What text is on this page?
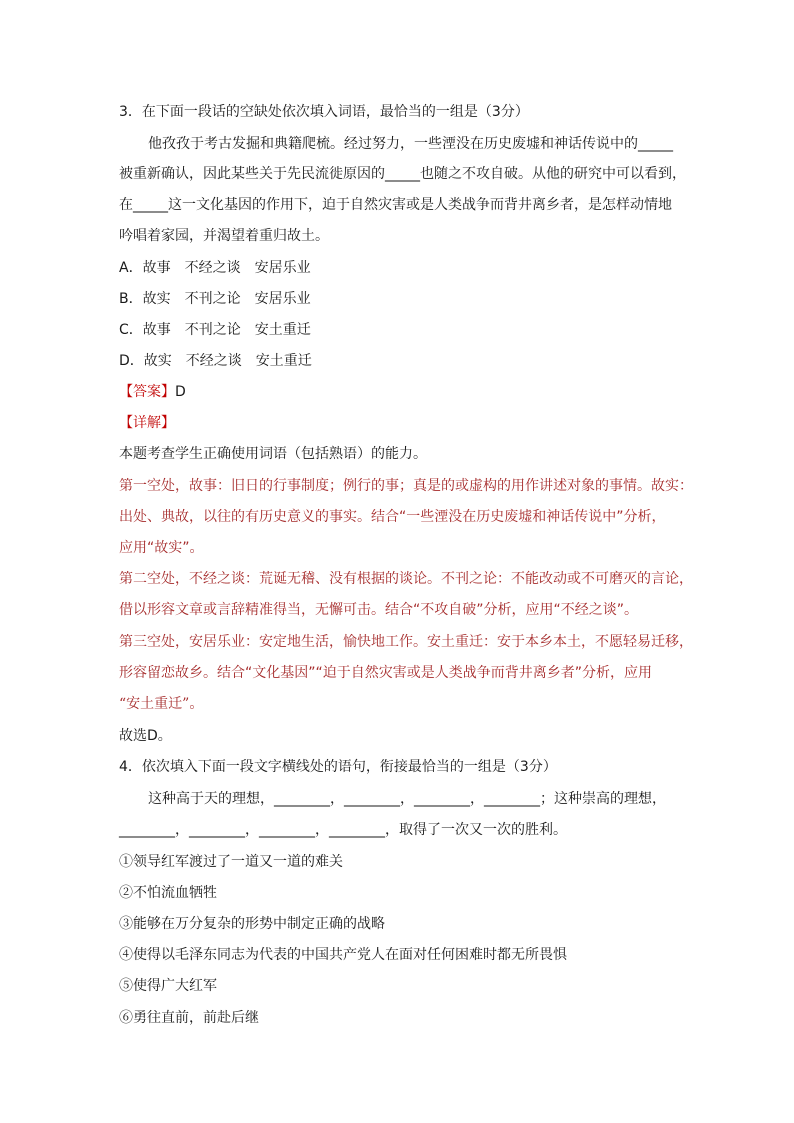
3．在下面一段话的空缺处依次填入词语，最恰当的一组是（3分）
他孜孜于考古发掘和典籍爬梳。经过努力，一些湮没在历史废墟和神话传说中的_____
被重新确认，因此某些关于先民流徙原因的_____也随之不攻自破。从他的研究中可以看到，
在_____这一文化基因的作用下，迫于自然灾害或是人类战争而背井离乡者，是怎样动情地
吟唱着家园，并渴望着重归故土。
A．故事　不经之谈　安居乐业
B．故实　不刊之论　安居乐业
C．故事　不刊之论　安土重迁
D．故实　不经之谈　安土重迁
【答案】D
【详解】
本题考查学生正确使用词语（包括熟语）的能力。
第一空处，故事：旧日的行事制度；例行的事；真是的或虚构的用作讲述对象的事情。故实：
出处、典故，以往的有历史意义的事实。结合“一些湮没在历史废墟和神话传说中”分析，
应用“故实”。
第二空处，不经之谈：荒诞无稽、没有根据的谈论。不刊之论：不能改动或不可磨灭的言论，
借以形容文章或言辞精准得当，无懈可击。结合“不攻自破”分析，应用“不经之谈”。
第三空处，安居乐业：安定地生活，愉快地工作。安土重迁：安于本乡本土，不愿轻易迁移，
形容留恋故乡。结合“文化基因”“迫于自然灾害或是人类战争而背井离乡者”分析，应用
“安土重迁”。
故选D。
4．依次填入下面一段文字横线处的语句，衔接最恰当的一组是（3分）
这种高于天的理想，________，________，________，________；这种崇高的理想，
________，________，________，________，取得了一次又一次的胜利。
①领导红军渡过了一道又一道的难关
②不怕流血牺牲
③能够在万分复杂的形势中制定正确的战略
④使得以毛泽东同志为代表的中国共产党人在面对任何困难时都无所畏惧
⑤使得广大红军
⑥勇往直前，前赴后继
